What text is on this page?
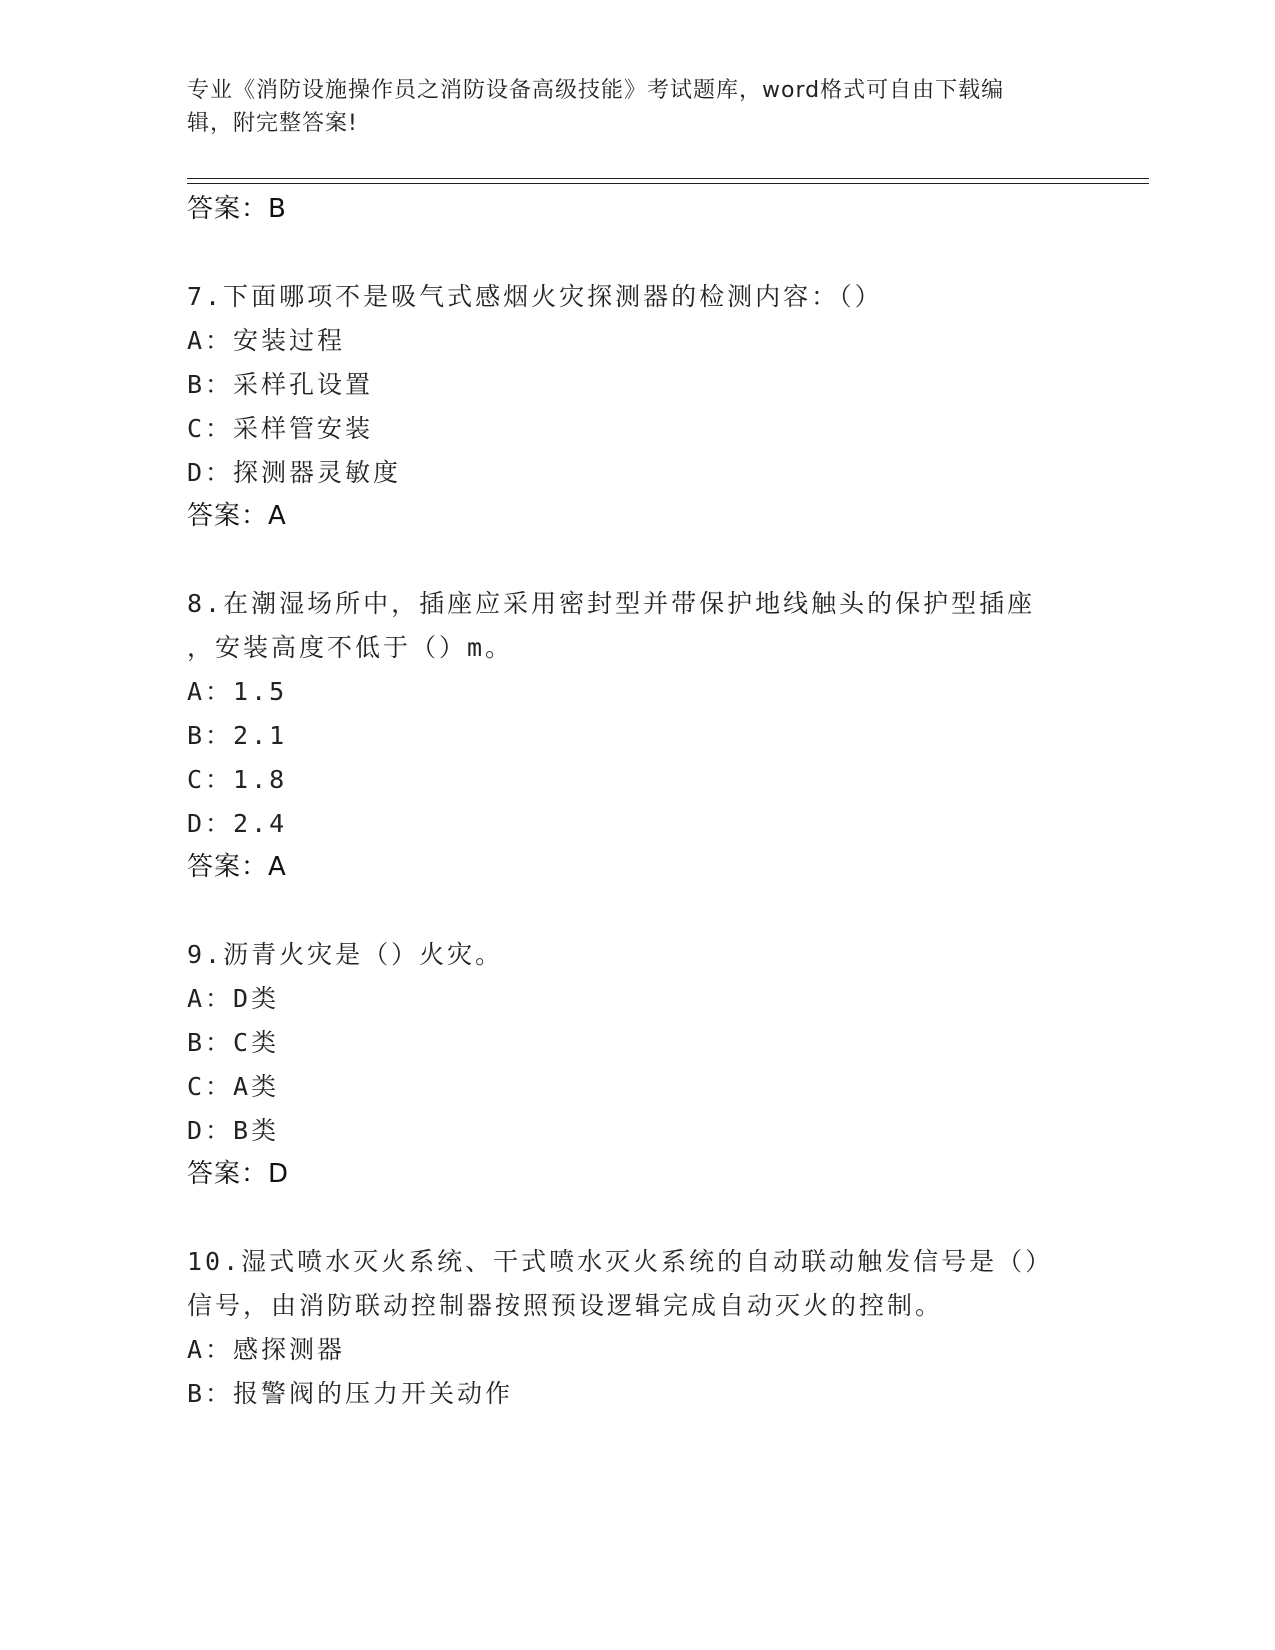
专业《消防设施操作员之消防设备高级技能》考试题库，word格式可自由下载编
辑，附完整答案!
答案：B
7.下面哪项不是吸气式感烟火灾探测器的检测内容：（）
A：安装过程
B：采样孔设置
C：采样管安装
D：探测器灵敏度
答案：A
8.在潮湿场所中，插座应采用密封型并带保护地线触头的保护型插座
，安装高度不低于（）m。
A：1.5
B：2.1
C：1.8
D：2.4
答案：A
9.沥青火灾是（）火灾。
A：D类
B：C类
C：A类
D：B类
答案：D
10.湿式喷水灭火系统、干式喷水灭火系统的自动联动触发信号是（）
信号，由消防联动控制器按照预设逻辑完成自动灭火的控制。
A：感探测器
B：报警阀的压力开关动作
